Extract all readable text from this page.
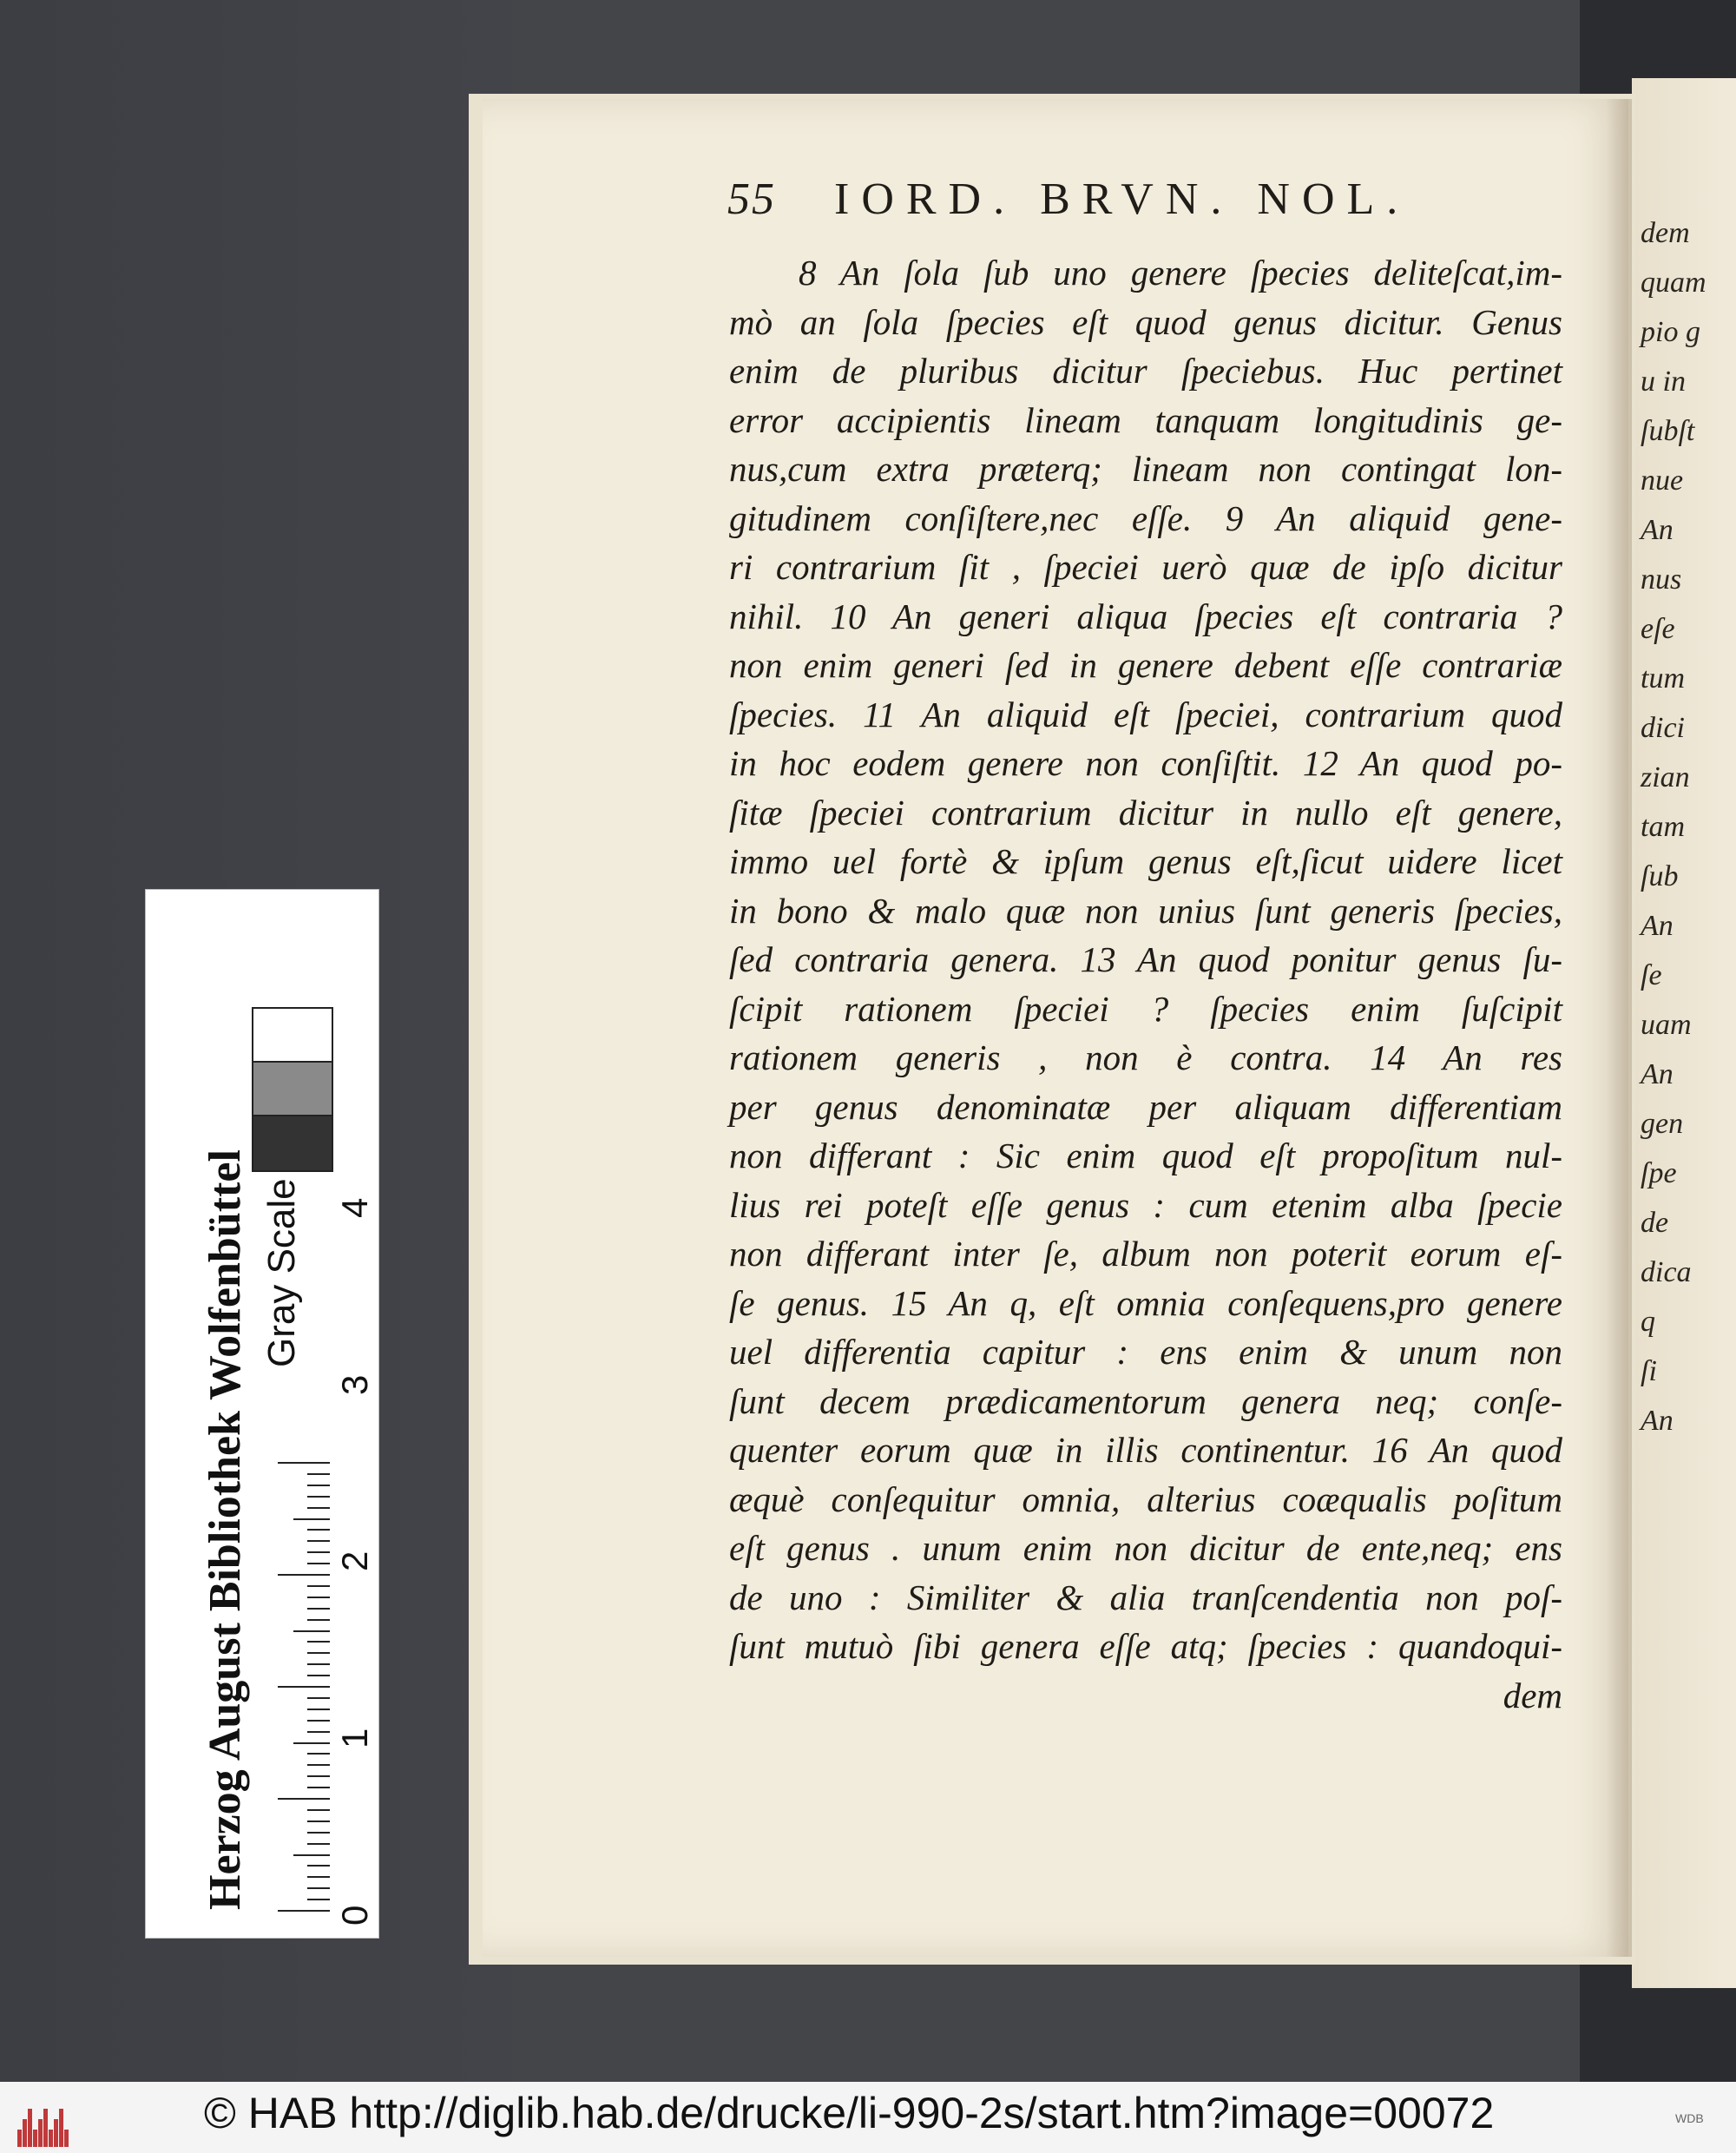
dem
quam
pio g
u in
ſubſt
nue
An
nus
eſe
tum
dici
zian
tam
ſub
An
ſe
uam
An
gen
ſpe
de
dica
q
ſi
An
55 IORD. BRVN. NOL.
8 An ſola ſub uno genere ſpecies deliteſcat,im-
mò an ſola ſpecies eſt quod genus dicitur. Genus
enim de pluribus dicitur ſpeciebus. Huc pertinet
error accipientis lineam tanquam longitudinis ge-
nus,cum extra præterq; lineam non contingat lon-
gitudinem conſiſtere,nec eſſe. 9 An aliquid gene-
ri contrarium ſit , ſpeciei uerò quæ de ipſo dicitur
nihil. 10 An generi aliqua ſpecies eſt contraria ?
non enim generi ſed in genere debent eſſe contrariæ
ſpecies. 11 An aliquid eſt ſpeciei, contrarium quod
in hoc eodem genere non conſiſtit. 12 An quod po-
ſitæ ſpeciei contrarium dicitur in nullo eſt genere,
immo uel fortè & ipſum genus eſt,ſicut uidere licet
in bono & malo quæ non unius ſunt generis ſpecies,
ſed contraria genera. 13 An quod ponitur genus ſu-
ſcipit rationem ſpeciei ? ſpecies enim ſuſcipit
rationem generis , non è contra. 14 An res
per genus denominatæ per aliquam differentiam
non differant : Sic enim quod eſt propoſitum nul-
lius rei poteſt eſſe genus : cum etenim alba ſpecie
non differant inter ſe, album non poterit eorum eſ-
ſe genus. 15 An q, eſt omnia conſequens,pro genere
uel differentia capitur : ens enim & unum non
ſunt decem prædicamentorum genera neq; conſe-
quenter eorum quæ in illis continentur. 16 An quod
æquè conſequitur omnia, alterius coæqualis poſitum
eſt genus . unum enim non dicitur de ente,neq; ens
de uno : Similiter & alia tranſcendentia non poſ-
ſunt mutuò ſibi genera eſſe atq; ſpecies : quandoqui-
dem
Herzog August Bibliothek Wolfenbüttel Gray Scale
0
1
2
3
4
© HAB http://diglib.hab.de/drucke/li-990-2s/start.htm?image=00072	WDB
